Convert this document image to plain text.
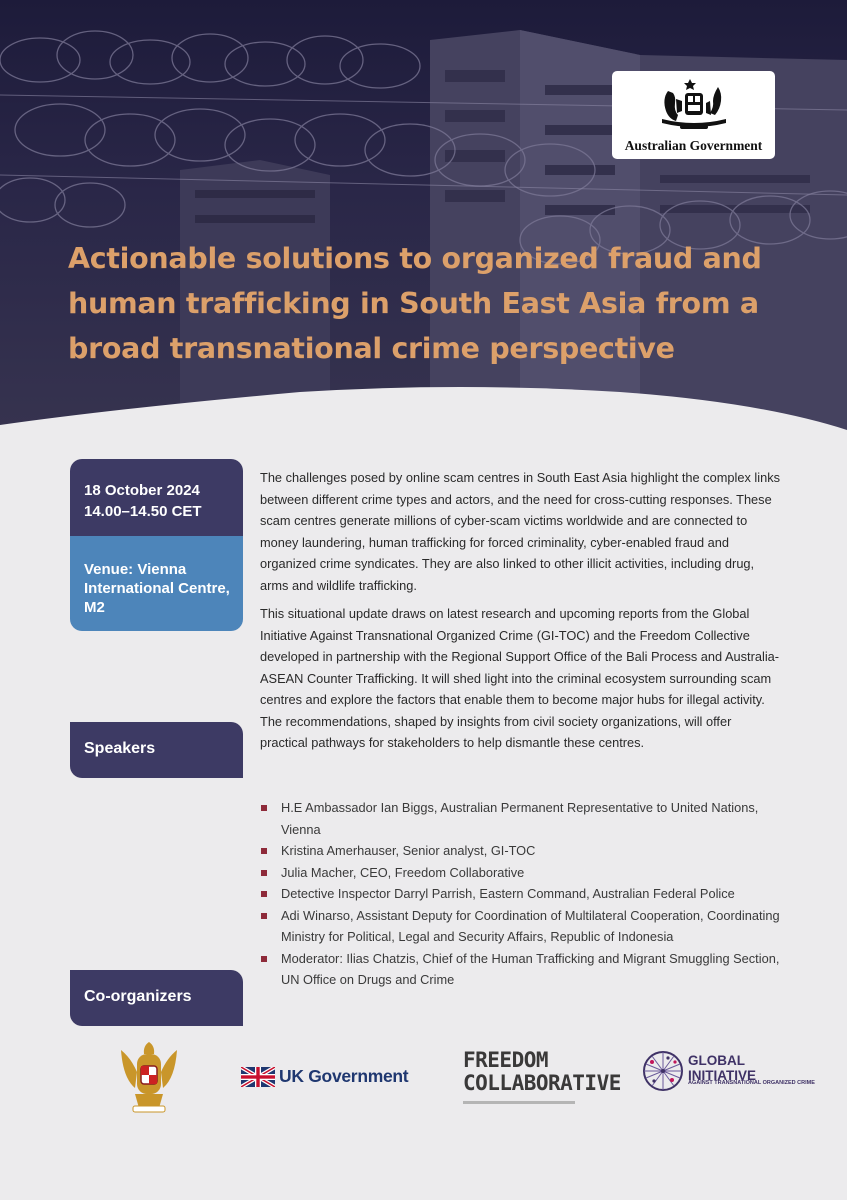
Actionable solutions to organized fraud and human trafficking in South East Asia from a broad transnational crime perspective
Australian Government
18 October 2024
14.00–14.50 CET
Venue: Vienna International Centre, M2

The challenges posed by online scam centres in South East Asia highlight the complex links between different crime types and actors, and the need for cross-cutting responses. These scam centres generate millions of cyber-scam victims worldwide and are connected to money laundering, human trafficking for forced criminality, cyber-enabled fraud and organized crime syndicates. They are also linked to other illicit activities, including drug, arms and wildlife trafficking.

This situational update draws on latest research and upcoming reports from the Global Initiative Against Transnational Organized Crime (GI-TOC) and the Freedom Collective developed in partnership with the Regional Support Office of the Bali Process and Australia-ASEAN Counter Trafficking. It will shed light into the criminal ecosystem surrounding scam centres and explore the factors that enable them to become major hubs for illegal activity. The recommendations, shaped by insights from civil society organizations, will offer practical pathways for stakeholders to help dismantle these centres.

Speakers
H.E Ambassador Ian Biggs, Australian Permanent Representative to United Nations, Vienna
Kristina Amerhauser, Senior analyst, GI-TOC
Julia Macher, CEO, Freedom Collaborative
Detective Inspector Darryl Parrish, Eastern Command, Australian Federal Police
Adi Winarso, Assistant Deputy for Coordination of Multilateral Cooperation, Coordinating Ministry for Political, Legal and Security Affairs, Republic of Indonesia
Moderator: Ilias Chatzis, Chief of the Human Trafficking and Migrant Smuggling Section, UN Office on Drugs and Crime
Co-organizers
UK Government
FREEDOM
COLLABORATIVE
GLOBAL
INITIATIVE
AGAINST TRANSNATIONAL ORGANIZED CRIME
